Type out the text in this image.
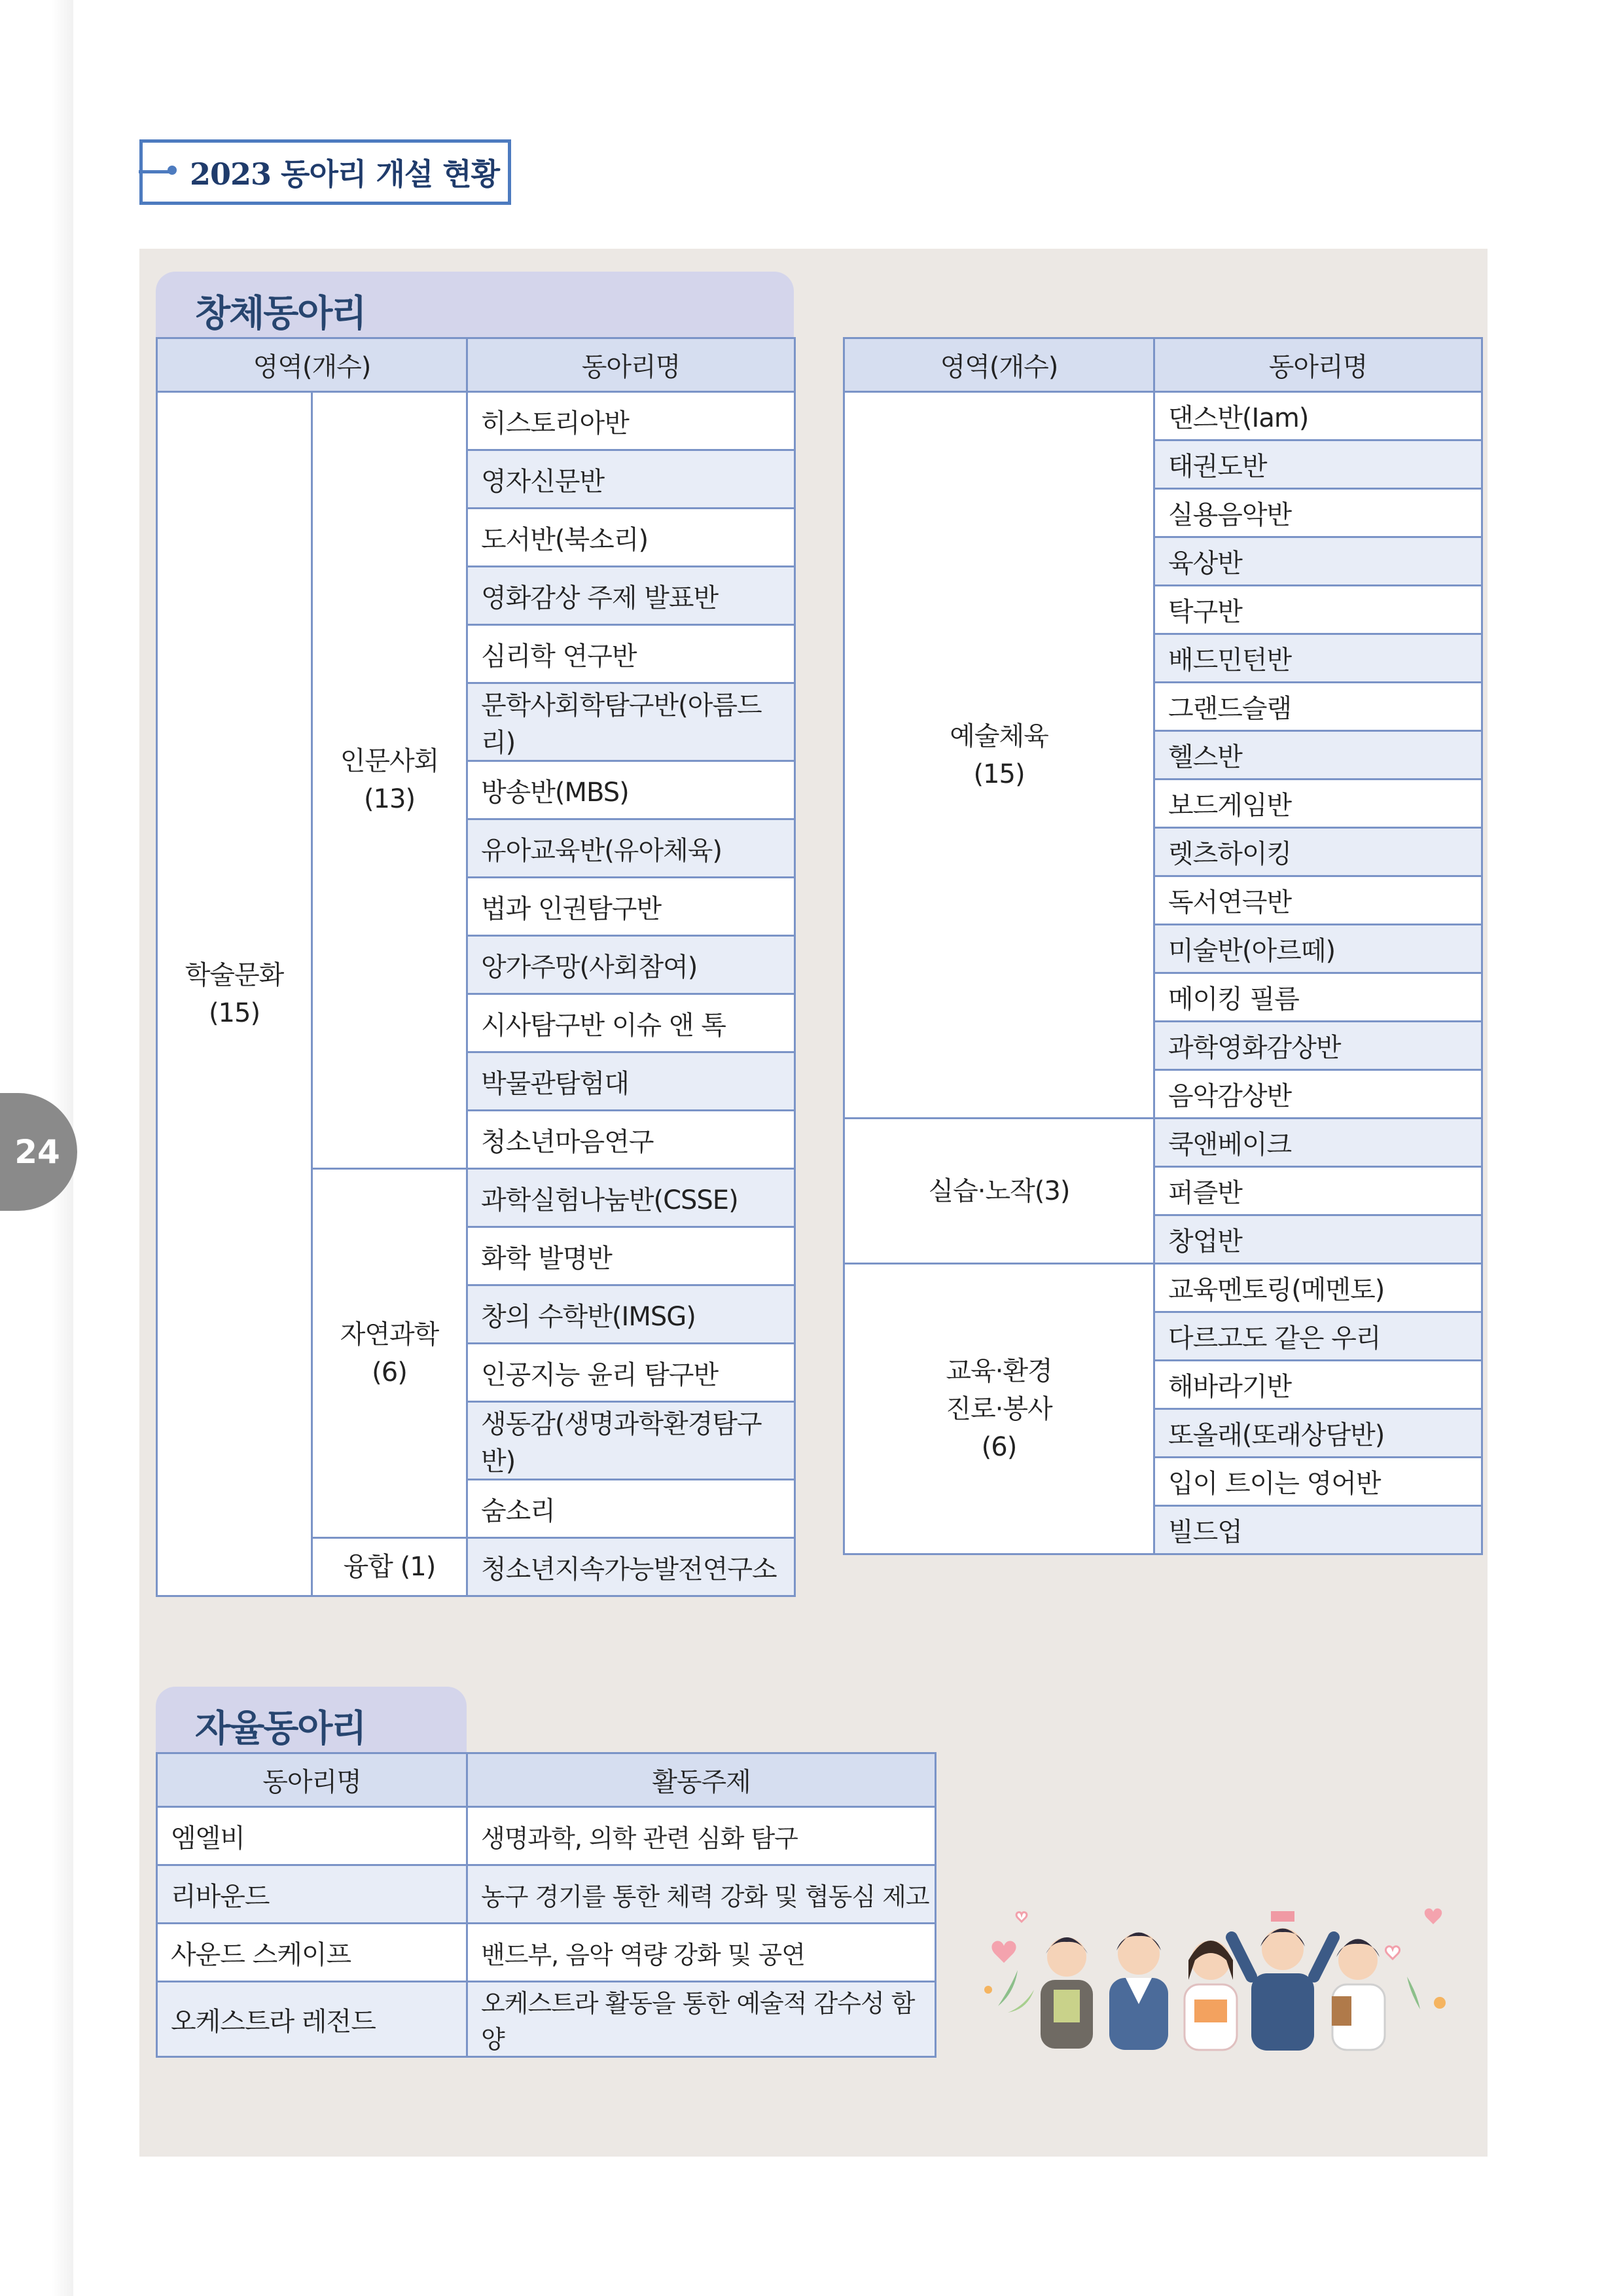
24
2023 동아리 개설 현황
창체동아리
영역(개수)		동아리명
학술문화
(15)	인문사회
(13)	히스토리아반
		영자신문반
		도서반(북소리)
		영화감상 주제 발표반
		심리학 연구반
		문학사회학탐구반(아름드리)
		방송반(MBS)
		유아교육반(유아체육)
		법과 인권탐구반
		앙가주망(사회참여)
		시사탐구반 이슈 앤 톡
		박물관탐험대
		청소년마음연구
	자연과학
(6)	과학실험나눔반(CSSE)
		화학 발명반
		창의 수학반(IMSG)
		인공지능 윤리 탐구반
		생동감(생명과학환경탐구반)
		숨소리
	융합 (1)	청소년지속가능발전연구소
영역(개수)	동아리명
예술체육
(15)	댄스반(Iam)
	태권도반
	실용음악반
	육상반
	탁구반
	배드민턴반
	그랜드슬램
	헬스반
	보드게임반
	렛츠하이킹
	독서연극반
	미술반(아르떼)
	메이킹 필름
	과학영화감상반
	음악감상반
실습·노작(3)	쿡앤베이크
	퍼즐반
	창업반
교육·환경
진로·봉사
(6)	교육멘토링(메멘토)
	다르고도 같은 우리
	해바라기반
	또올래(또래상담반)
	입이 트이는 영어반
	빌드업
자율동아리
동아리명	활동주제
엠엘비	생명과학, 의학 관련 심화 탐구
리바운드	농구 경기를 통한 체력 강화 및 협동심 제고
사운드 스케이프	밴드부, 음악 역량 강화 및 공연
오케스트라 레전드	오케스트라 활동을 통한 예술적 감수성 함양
